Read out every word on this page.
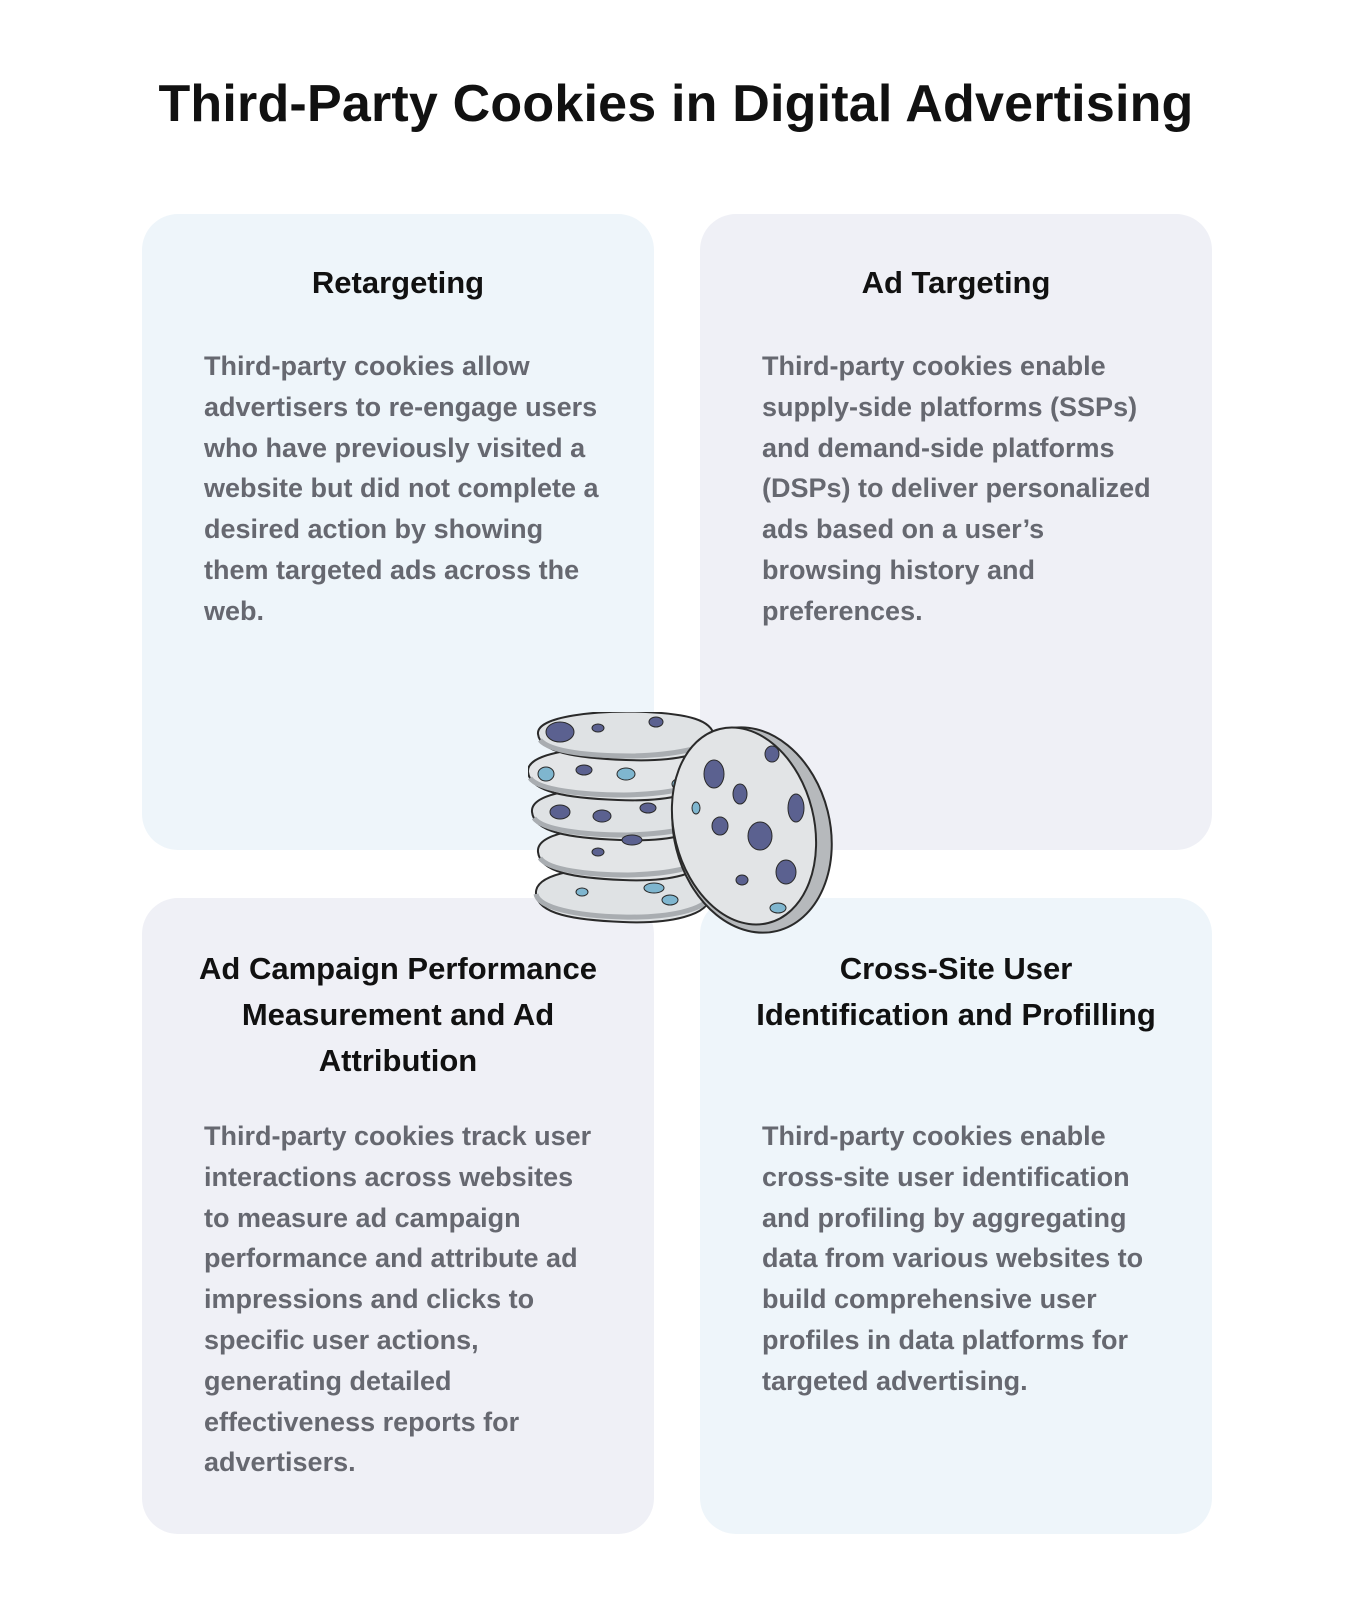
Third-Party Cookies in Digital Advertising
Retargeting

Third-party cookies allow advertisers to re-engage users who have previously visited a website but did not complete a desired action by showing them targeted ads across the web.

Ad Targeting

Third-party cookies enable supply-side platforms (SSPs) and demand-side platforms (DSPs) to deliver personalized ads based on a user’s browsing history and preferences.

Ad Campaign Performance Measurement and Ad Attribution

Third-party cookies track user interactions across websites to measure ad campaign performance and attribute ad impressions and clicks to specific user actions, generating detailed effectiveness reports for advertisers.

Cross-Site User Identification and Profilling

Third-party cookies enable cross-site user identification and profiling by aggregating data from various websites to build comprehensive user profiles in data platforms for targeted advertising.
